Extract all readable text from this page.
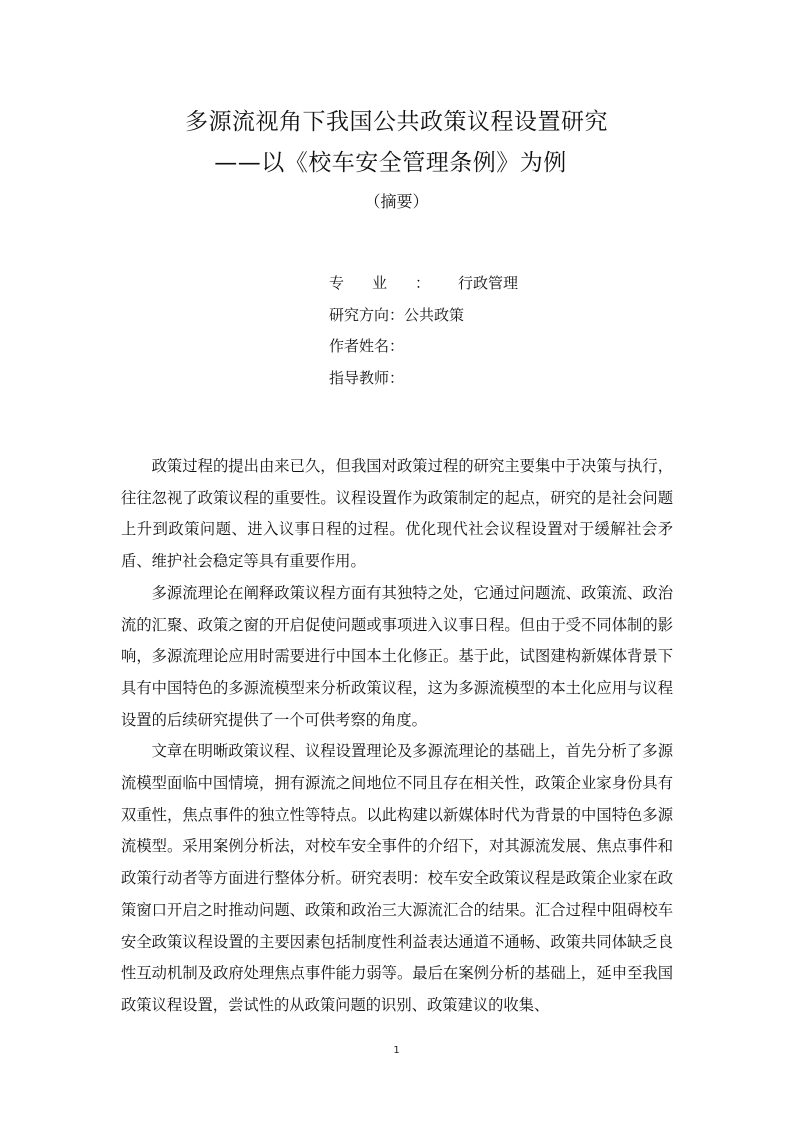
多源流视角下我国公共政策议程设置研究
——以《校车安全管理条例》为例
（摘要）
专业：行政管理
研究方向：公共政策
作者姓名：
指导教师：

政策过程的提出由来已久，但我国对政策过程的研究主要集中于决策与执行，往往忽视了政策议程的重要性。议程设置作为政策制定的起点，研究的是社会问题上升到政策问题、进入议事日程的过程。优化现代社会议程设置对于缓解社会矛盾、维护社会稳定等具有重要作用。

多源流理论在阐释政策议程方面有其独特之处，它通过问题流、政策流、政治流的汇聚、政策之窗的开启促使问题或事项进入议事日程。但由于受不同体制的影响，多源流理论应用时需要进行中国本土化修正。基于此，试图建构新媒体背景下具有中国特色的多源流模型来分析政策议程，这为多源流模型的本土化应用与议程设置的后续研究提供了一个可供考察的角度。

文章在明晰政策议程、议程设置理论及多源流理论的基础上，首先分析了多源流模型面临中国情境，拥有源流之间地位不同且存在相关性，政策企业家身份具有双重性，焦点事件的独立性等特点。以此构建以新媒体时代为背景的中国特色多源流模型。采用案例分析法，对校车安全事件的介绍下，对其源流发展、焦点事件和政策行动者等方面进行整体分析。研究表明：校车安全政策议程是政策企业家在政策窗口开启之时推动问题、政策和政治三大源流汇合的结果。汇合过程中阻碍校车安全政策议程设置的主要因素包括制度性利益表达通道不通畅、政策共同体缺乏良性互动机制及政府处理焦点事件能力弱等。最后在案例分析的基础上，延申至我国政策议程设置，尝试性的从政策问题的识别、政策建议的收集、

1
